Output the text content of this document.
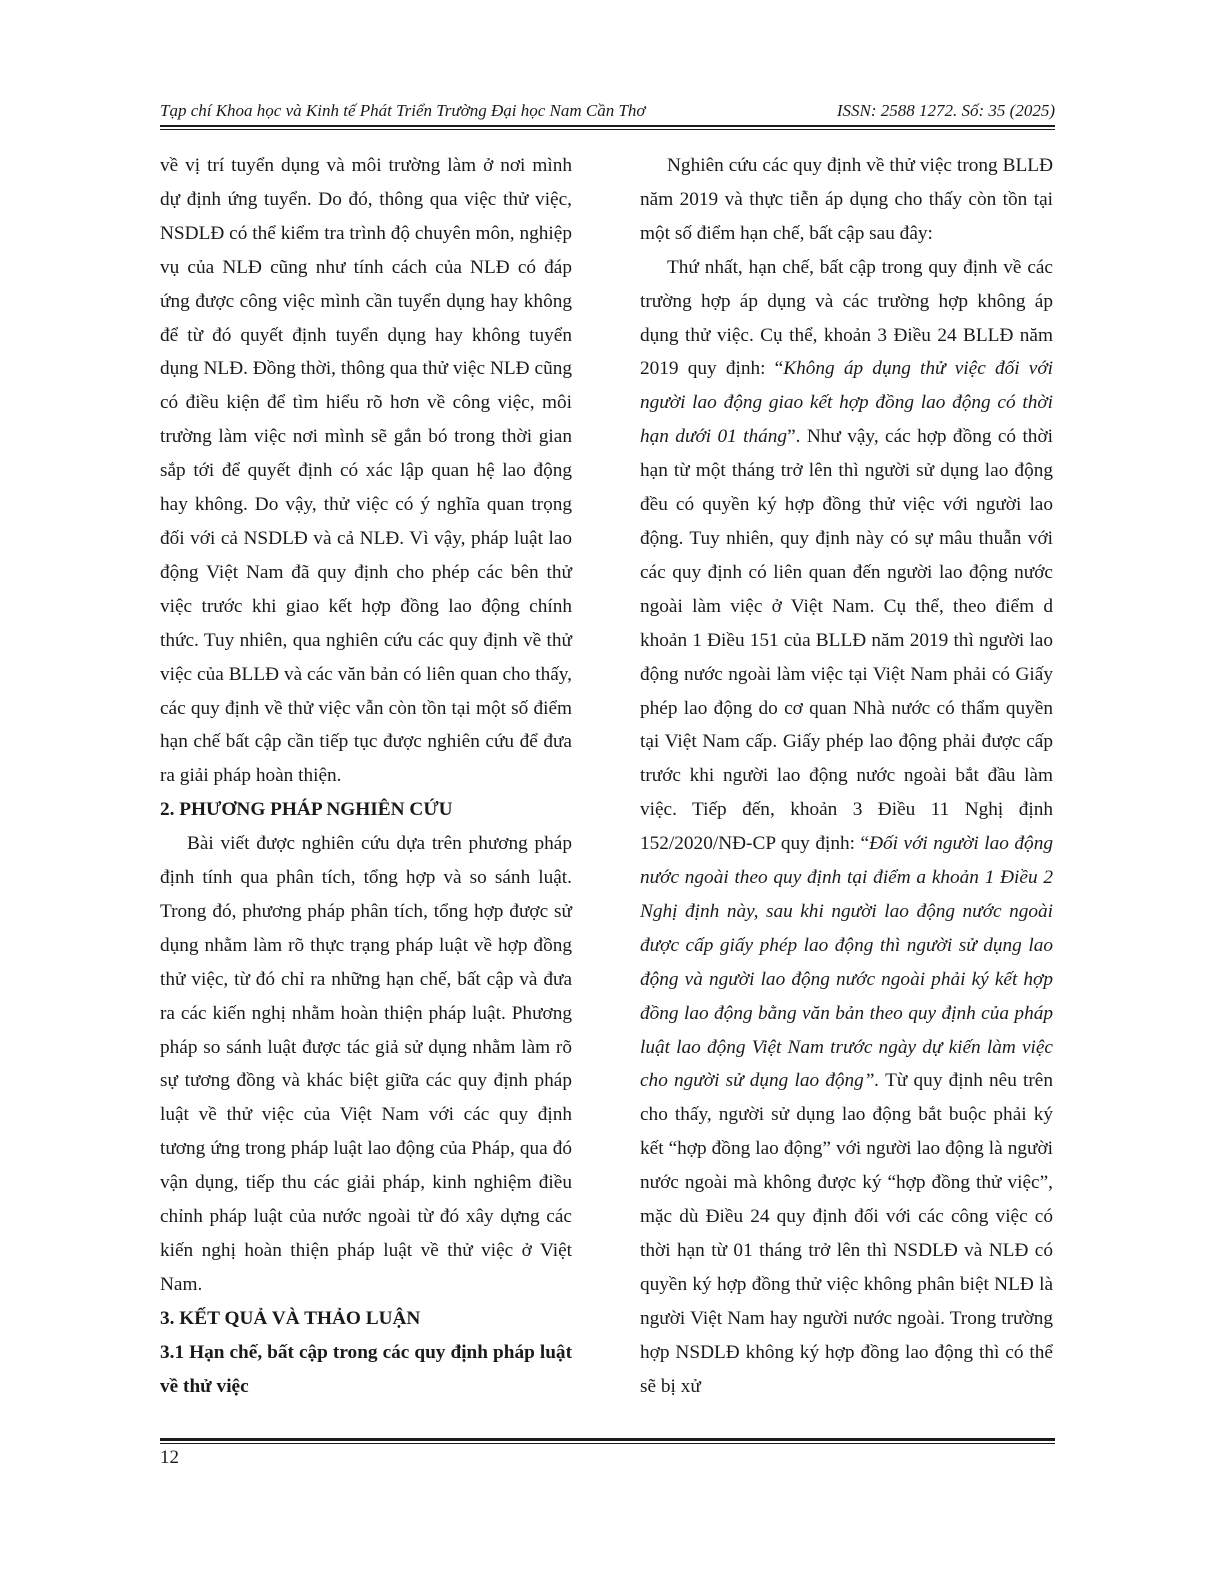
Tạp chí Khoa học và Kinh tế Phát Triển Trường Đại học Nam Cần Thơ	ISSN: 2588 1272. Số: 35 (2025)

về vị trí tuyển dụng và môi trường làm ở nơi mình dự định ứng tuyển. Do đó, thông qua việc thử việc, NSDLĐ có thể kiểm tra trình độ chuyên môn, nghiệp vụ của NLĐ cũng như tính cách của NLĐ có đáp ứng được công việc mình cần tuyển dụng hay không để từ đó quyết định tuyển dụng hay không tuyển dụng NLĐ. Đồng thời, thông qua thử việc NLĐ cũng có điều kiện để tìm hiểu rõ hơn về công việc, môi trường làm việc nơi mình sẽ gắn bó trong thời gian sắp tới để quyết định có xác lập quan hệ lao động hay không. Do vậy, thử việc có ý nghĩa quan trọng đối với cả NSDLĐ và cả NLĐ. Vì vậy, pháp luật lao động Việt Nam đã quy định cho phép các bên thử việc trước khi giao kết hợp đồng lao động chính thức. Tuy nhiên, qua nghiên cứu các quy định về thử việc của BLLĐ và các văn bản có liên quan cho thấy, các quy định về thử việc vẫn còn tồn tại một số điểm hạn chế bất cập cần tiếp tục được nghiên cứu để đưa ra giải pháp hoàn thiện.

2. PHƯƠNG PHÁP NGHIÊN CỨU

Bài viết được nghiên cứu dựa trên phương pháp định tính qua phân tích, tổng hợp và so sánh luật. Trong đó, phương pháp phân tích, tổng hợp được sử dụng nhằm làm rõ thực trạng pháp luật về hợp đồng thử việc, từ đó chỉ ra những hạn chế, bất cập và đưa ra các kiến nghị nhằm hoàn thiện pháp luật. Phương pháp so sánh luật được tác giả sử dụng nhằm làm rõ sự tương đồng và khác biệt giữa các quy định pháp luật về thử việc của Việt Nam với các quy định tương ứng trong pháp luật lao động của Pháp, qua đó vận dụng, tiếp thu các giải pháp, kinh nghiệm điều chỉnh pháp luật của nước ngoài từ đó xây dựng các kiến nghị hoàn thiện pháp luật về thử việc ở Việt Nam.

3. KẾT QUẢ VÀ THẢO LUẬN
3.1 Hạn chế, bất cập trong các quy định pháp luật về thử việc

Nghiên cứu các quy định về thử việc trong BLLĐ năm 2019 và thực tiễn áp dụng cho thấy còn tồn tại một số điểm hạn chế, bất cập sau đây:

Thứ nhất, hạn chế, bất cập trong quy định về các trường hợp áp dụng và các trường hợp không áp dụng thử việc. Cụ thể, khoản 3 Điều 24 BLLĐ năm 2019 quy định: “Không áp dụng thử việc đối với người lao động giao kết hợp đồng lao động có thời hạn dưới 01 tháng”. Như vậy, các hợp đồng có thời hạn từ một tháng trở lên thì người sử dụng lao động đều có quyền ký hợp đồng thử việc với người lao động. Tuy nhiên, quy định này có sự mâu thuẫn với các quy định có liên quan đến người lao động nước ngoài làm việc ở Việt Nam. Cụ thể, theo điểm d khoản 1 Điều 151 của BLLĐ năm 2019 thì người lao động nước ngoài làm việc tại Việt Nam phải có Giấy phép lao động do cơ quan Nhà nước có thẩm quyền tại Việt Nam cấp. Giấy phép lao động phải được cấp trước khi người lao động nước ngoài bắt đầu làm việc. Tiếp đến, khoản 3 Điều 11 Nghị định 152/2020/NĐ-CP quy định: “Đối với người lao động nước ngoài theo quy định tại điểm a khoản 1 Điều 2 Nghị định này, sau khi người lao động nước ngoài được cấp giấy phép lao động thì người sử dụng lao động và người lao động nước ngoài phải ký kết hợp đồng lao động bằng văn bản theo quy định của pháp luật lao động Việt Nam trước ngày dự kiến làm việc cho người sử dụng lao động”. Từ quy định nêu trên cho thấy, người sử dụng lao động bắt buộc phải ký kết “hợp đồng lao động” với người lao động là người nước ngoài mà không được ký “hợp đồng thử việc”, mặc dù Điều 24 quy định đối với các công việc có thời hạn từ 01 tháng trở lên thì NSDLĐ và NLĐ có quyền ký hợp đồng thử việc không phân biệt NLĐ là người Việt Nam hay người nước ngoài. Trong trường hợp NSDLĐ không ký hợp đồng lao động thì có thể sẽ bị xử

12
